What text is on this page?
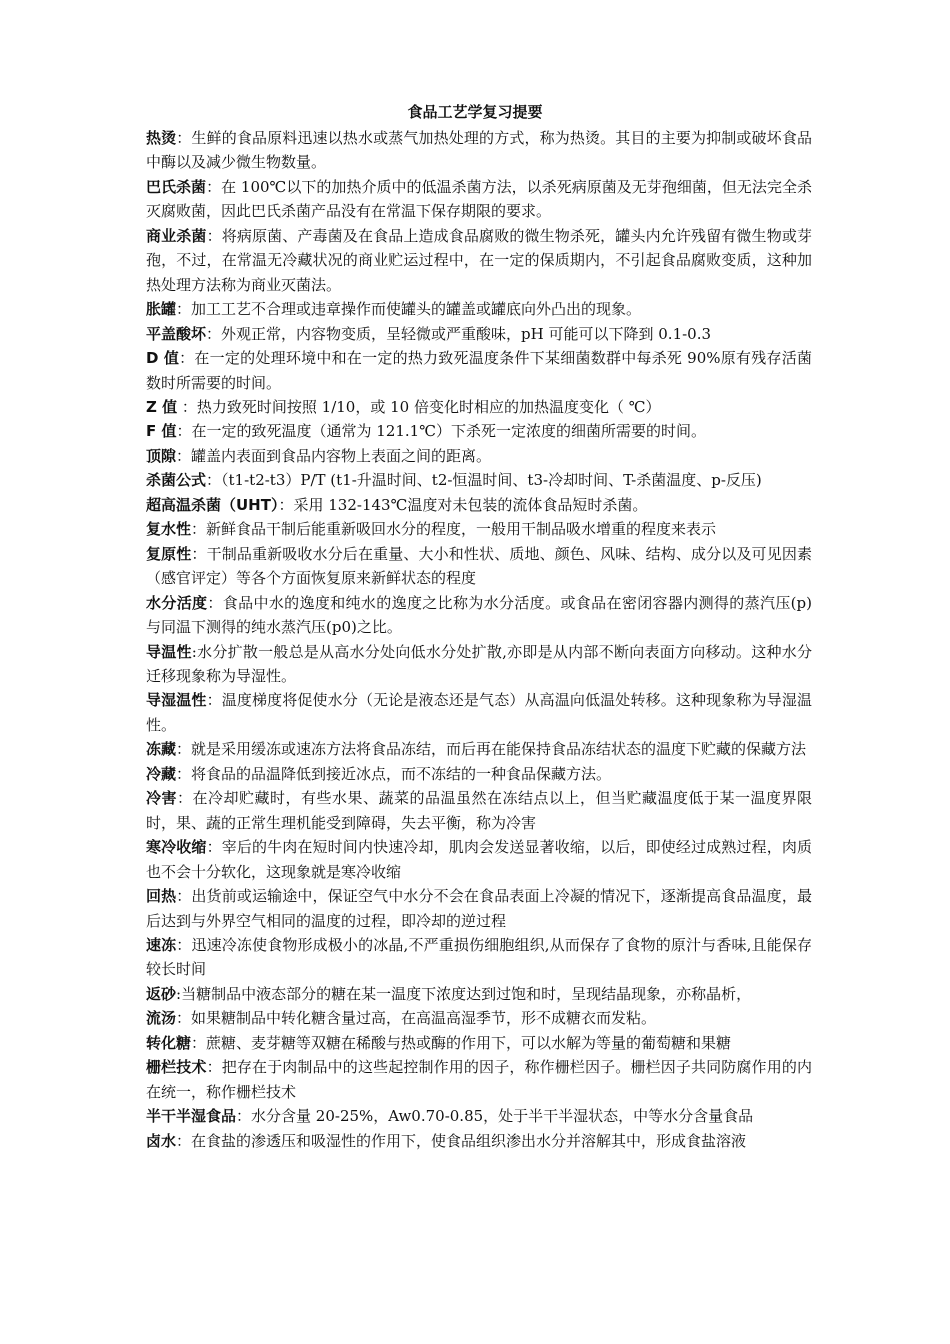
食品工艺学复习提要

热烫：生鲜的食品原料迅速以热水或蒸气加热处理的方式，称为热烫。其目的主要为抑制或破坏食品中酶以及减少微生物数量。

巴氏杀菌：在 100℃以下的加热介质中的低温杀菌方法，以杀死病原菌及无芽孢细菌，但无法完全杀灭腐败菌，因此巴氏杀菌产品没有在常温下保存期限的要求。

商业杀菌：将病原菌、产毒菌及在食品上造成食品腐败的微生物杀死，罐头内允许残留有微生物或芽孢，不过，在常温无冷藏状况的商业贮运过程中，在一定的保质期内，不引起食品腐败变质，这种加热处理方法称为商业灭菌法。

胀罐：加工工艺不合理或违章操作而使罐头的罐盖或罐底向外凸出的现象。

平盖酸坏：外观正常，内容物变质，呈轻微或严重酸味，pH 可能可以下降到 0.1-0.3

D 值：在一定的处理环境中和在一定的热力致死温度条件下某细菌数群中每杀死 90%原有残存活菌数时所需要的时间。

Z 值 ：热力致死时间按照 1/10，或 10 倍变化时相应的加热温度变化（ ℃）

F 值：在一定的致死温度（通常为 121.1℃）下杀死一定浓度的细菌所需要的时间。

顶隙：罐盖内表面到食品内容物上表面之间的距离。

杀菌公式：（t1-t2-t3）P/T (t1-升温时间、t2-恒温时间、t3-冷却时间、T-杀菌温度、p-反压)

超高温杀菌（UHT）：采用 132-143℃温度对未包装的流体食品短时杀菌。

复水性：新鲜食品干制后能重新吸回水分的程度，一般用干制品吸水增重的程度来表示

复原性：干制品重新吸收水分后在重量、大小和性状、质地、颜色、风味、结构、成分以及可见因素（感官评定）等各个方面恢复原来新鲜状态的程度

水分活度：食品中水的逸度和纯水的逸度之比称为水分活度。或食品在密闭容器内测得的蒸汽压(p)与同温下测得的纯水蒸汽压(p0)之比。

导温性:水分扩散一般总是从高水分处向低水分处扩散,亦即是从内部不断向表面方向移动。这种水分迁移现象称为导湿性。

导湿温性：温度梯度将促使水分（无论是液态还是气态）从高温向低温处转移。这种现象称为导湿温性。

冻藏：就是采用缓冻或速冻方法将食品冻结，而后再在能保持食品冻结状态的温度下贮藏的保藏方法

冷藏：将食品的品温降低到接近冰点，而不冻结的一种食品保藏方法。

冷害：在冷却贮藏时，有些水果、蔬菜的品温虽然在冻结点以上，但当贮藏温度低于某一温度界限时，果、蔬的正常生理机能受到障碍，失去平衡，称为冷害

寒冷收缩：宰后的牛肉在短时间内快速冷却，肌肉会发送显著收缩，以后，即使经过成熟过程，肉质也不会十分软化，这现象就是寒冷收缩

回热：出货前或运输途中，保证空气中水分不会在食品表面上冷凝的情况下，逐渐提高食品温度，最后达到与外界空气相同的温度的过程，即冷却的逆过程

速冻：迅速冷冻使食物形成极小的冰晶,不严重损伤细胞组织,从而保存了食物的原汁与香味,且能保存较长时间

返砂:当糖制品中液态部分的糖在某一温度下浓度达到过饱和时，呈现结晶现象，亦称晶析，

流汤：如果糖制品中转化糖含量过高，在高温高湿季节，形不成糖衣而发粘。

转化糖：蔗糖、麦芽糖等双糖在稀酸与热或酶的作用下，可以水解为等量的葡萄糖和果糖

栅栏技术：把存在于肉制品中的这些起控制作用的因子，称作栅栏因子。栅栏因子共同防腐作用的内在统一，称作栅栏技术

半干半湿食品：水分含量 20-25%，Aw0.70-0.85，处于半干半湿状态，中等水分含量食品

卤水：在食盐的渗透压和吸湿性的作用下，使食品组织渗出水分并溶解其中，形成食盐溶液
